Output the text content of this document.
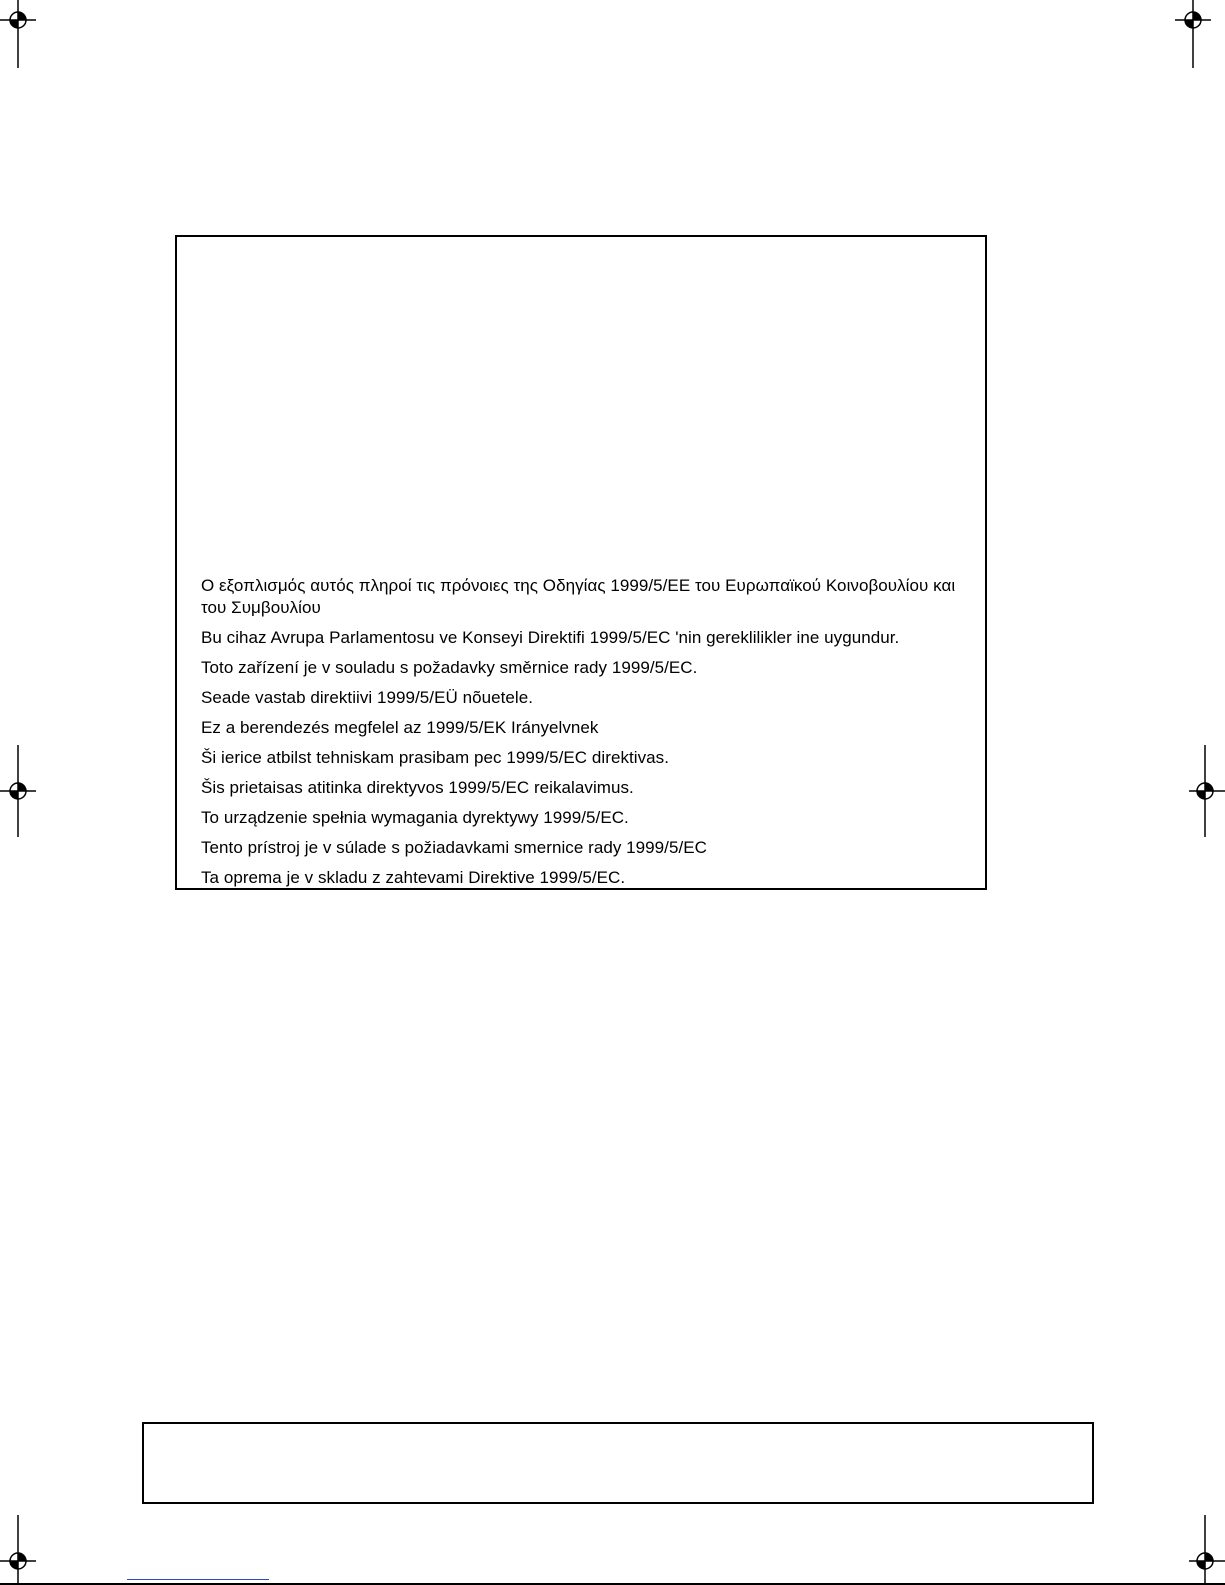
Ο εξοπλισμός αυτός πληροί τις πρόνοιες της Οδηγίας 1999/5/EE του Ευρωπαϊκού Κοινοβουλίου και του Συμβουλίου
Bu cihaz Avrupa Parlamentosu ve Konseyi Direktifi 1999/5/EC 'nin gereklilikler ine uygundur.
Toto zařízení je v souladu s požadavky směrnice rady 1999/5/EC.
Seade vastab direktiivi 1999/5/EÜ nõuetele.
Ez a berendezés megfelel az 1999/5/EK Irányelvnek
Ši ierice atbilst tehniskam prasibam pec 1999/5/EC direktivas.
Šis prietaisas atitinka direktyvos 1999/5/EC reikalavimus.
To urządzenie spełnia wymagania dyrektywy 1999/5/EC.
Tento prístroj je v súlade s požiadavkami smernice rady 1999/5/EC
Ta oprema je v skladu z zahtevami Direktive 1999/5/EC.
